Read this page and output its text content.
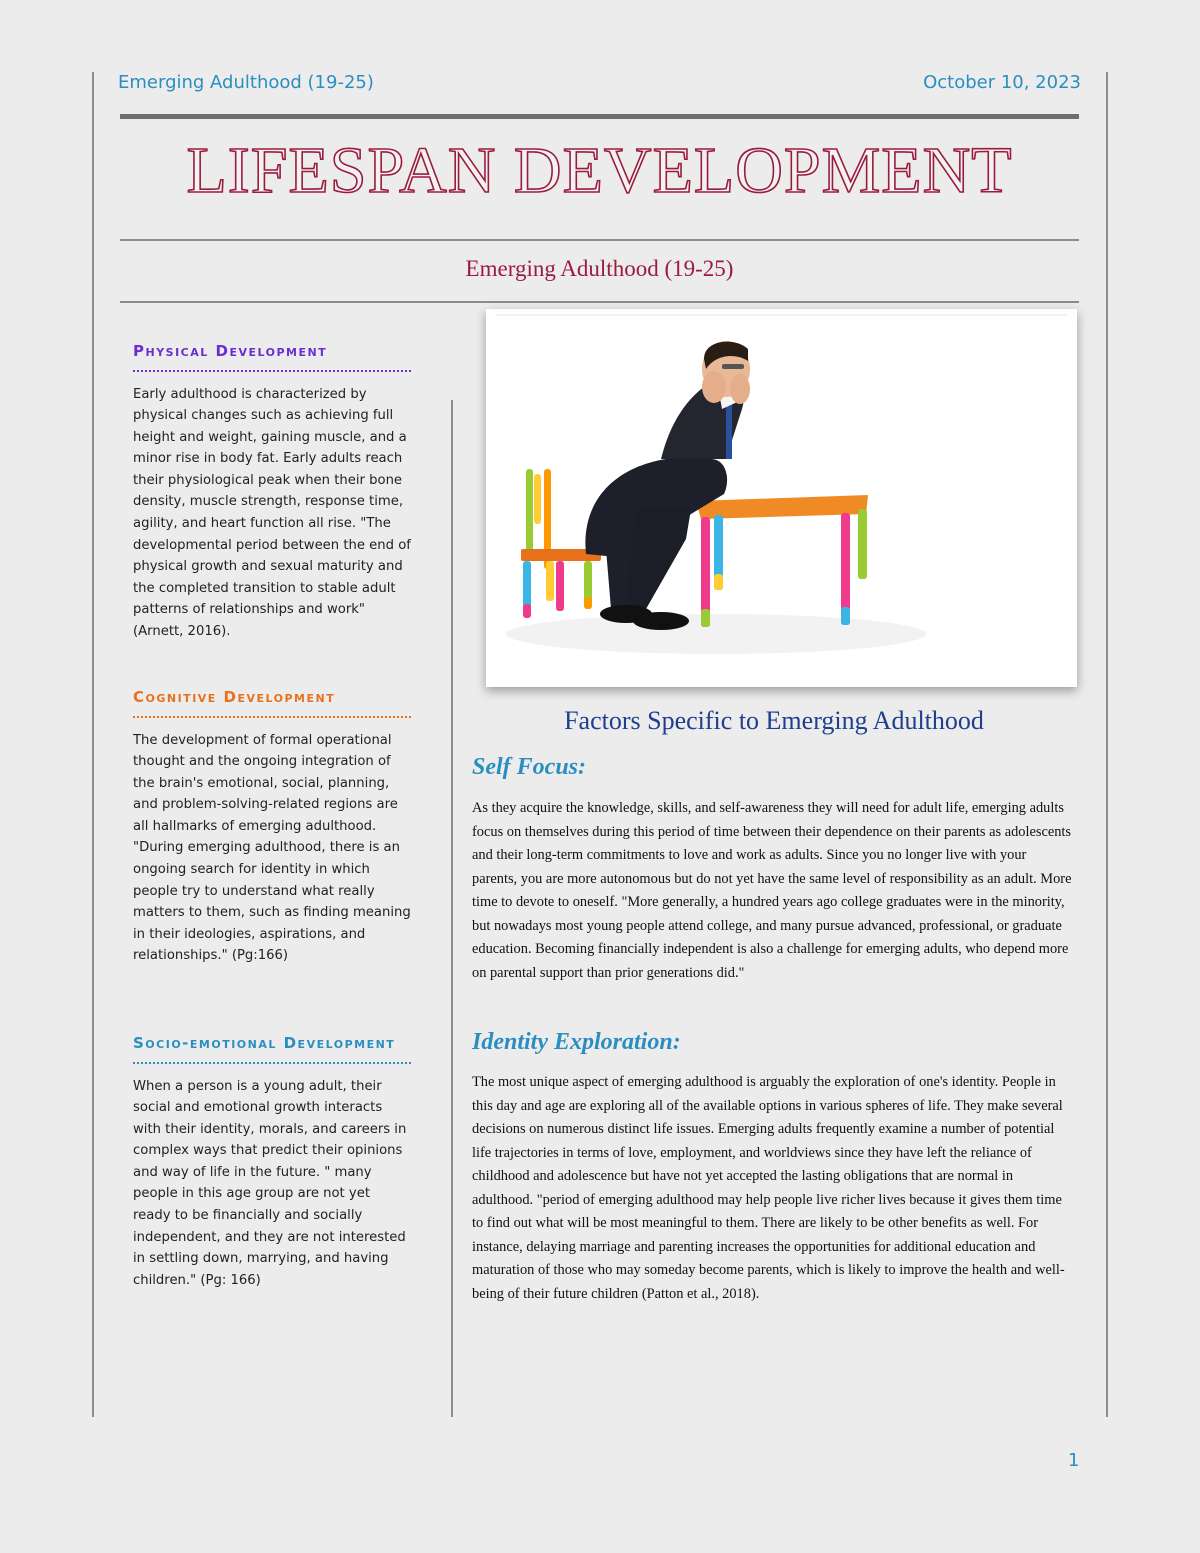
Emerging Adulthood (19-25)	October 10, 2023
LIFESPAN DEVELOPMENT
Emerging Adulthood (19-25)
Physical Development

Early adulthood is characterized by physical changes such as achieving full height and weight, gaining muscle, and a minor rise in body fat. Early adults reach their physiological peak when their bone density, muscle strength, response time, agility, and heart function all rise. "The developmental period between the end of physical growth and sexual maturity and the completed transition to stable adult patterns of relationships and work" (Arnett, 2016).

Cognitive Development

The development of formal operational thought and the ongoing integration of the brain's emotional, social, planning, and problem-solving-related regions are all hallmarks of emerging adulthood. "During emerging adulthood, there is an ongoing search for identity in which people try to understand what really matters to them, such as finding meaning in their ideologies, aspirations, and relationships." (Pg:166)

Socio-emotional Development

When a person is a young adult, their social and emotional growth interacts with their identity, morals, and careers in complex ways that predict their opinions and way of life in the future. " many people in this age group are not yet ready to be financially and socially independent, and they are not interested in settling down, marrying, and having children." (Pg: 166)

Factors Specific to Emerging Adulthood
Self Focus:

As they acquire the knowledge, skills, and self-awareness they will need for adult life, emerging adults focus on themselves during this period of time between their dependence on their parents as adolescents and their long-term commitments to love and work as adults. Since you no longer live with your parents, you are more autonomous but do not yet have the same level of responsibility as an adult. More time to devote to oneself. "More generally, a hundred years ago college graduates were in the minority, but nowadays most young people attend college, and many pursue advanced, professional, or graduate education. Becoming financially independent is also a challenge for emerging adults, who depend more on parental support than prior generations did."

Identity Exploration:

The most unique aspect of emerging adulthood is arguably the exploration of one's identity. People in this day and age are exploring all of the available options in various spheres of life. They make several decisions on numerous distinct life issues. Emerging adults frequently examine a number of potential life trajectories in terms of love, employment, and worldviews since they have left the reliance of childhood and adolescence but have not yet accepted the lasting obligations that are normal in adulthood. "period of emerging adulthood may help people live richer lives because it gives them time to find out what will be most meaningful to them. There are likely to be other benefits as well. For instance, delaying marriage and parenting increases the opportunities for additional education and maturation of those who may someday become parents, which is likely to improve the health and well-being of their future children (Patton et al., 2018).

1
